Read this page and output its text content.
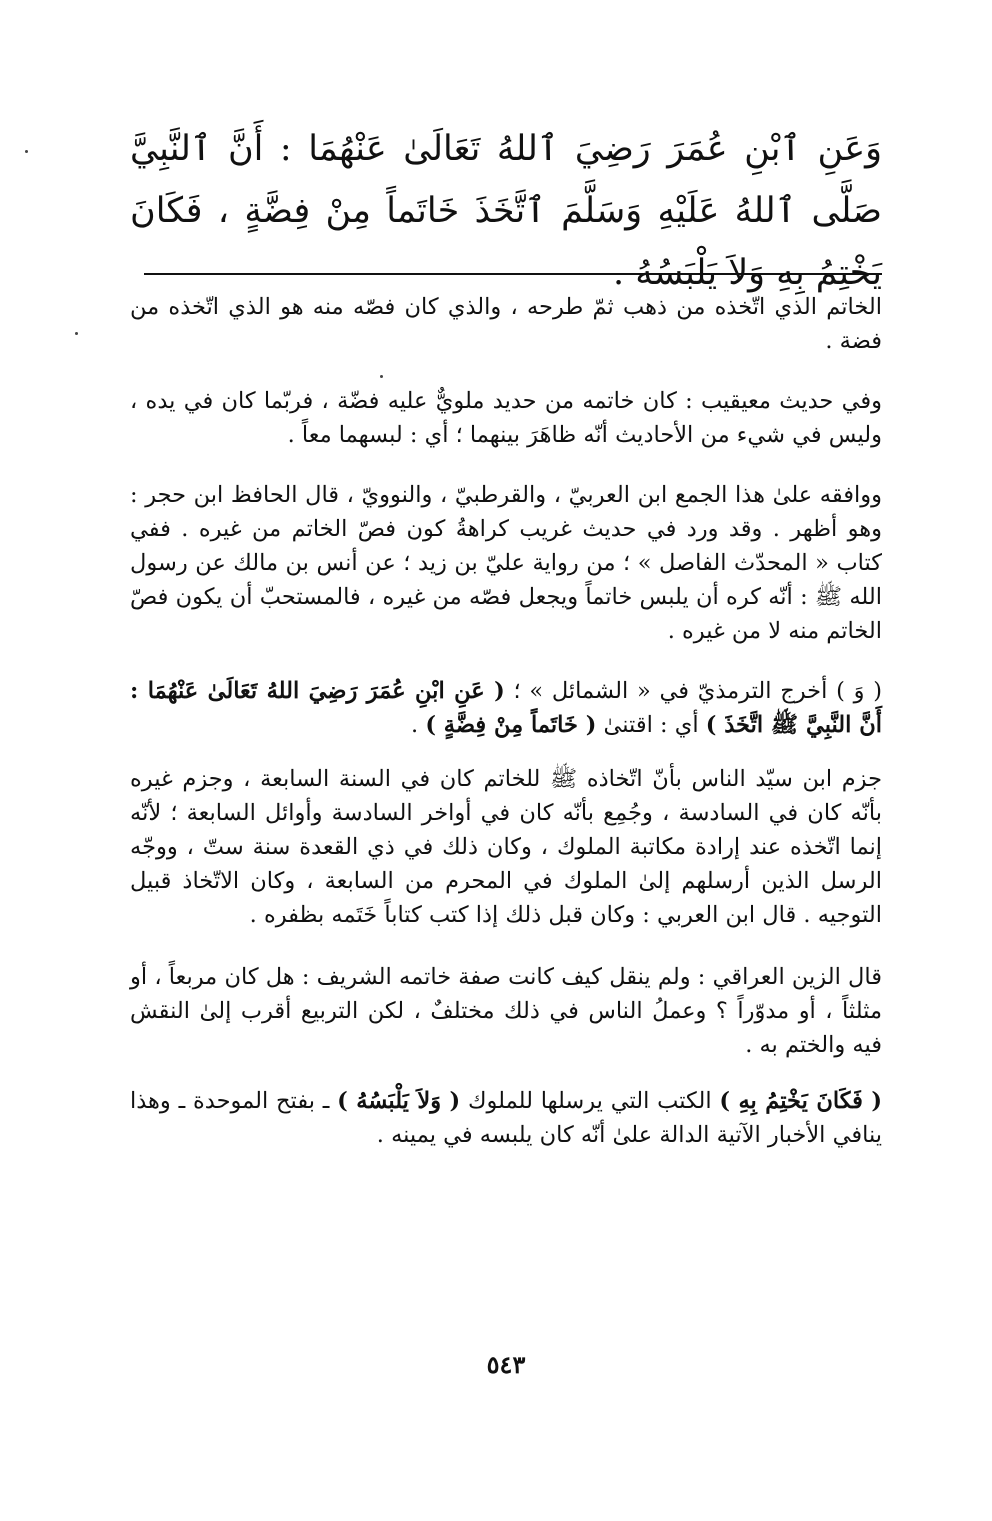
وَعَنِ ٱبْنِ عُمَرَ رَضِيَ ٱللهُ تَعَالَىٰ عَنْهُمَا : أَنَّ ٱلنَّبِيَّ صَلَّى ٱللهُ عَلَيْهِ وَسَلَّمَ ٱتَّخَذَ خَاتَماً مِنْ فِضَّةٍ ، فَكَانَ يَخْتِمُ بِهِ وَلاَ يَلْبَسُهُ .

الخاتم الذي اتّخذه من ذهب ثمّ طرحه ، والذي كان فصّه منه هو الذي اتّخذه من فضة .

وفي حديث معيقيب : كان خاتمه من حديد ملويٌّ عليه فضّة ، فربّما كان في يده ، وليس في شيء من الأحاديث أنّه ظاهَرَ بينهما ؛ أي : لبسهما معاً .

ووافقه علىٰ هذا الجمع ابن العربيّ ، والقرطبيّ ، والنوويّ ، قال الحافظ ابن حجر : وهو أظهر . وقد ورد في حديث غريب كراهةُ كون فصّ الخاتم من غيره . ففي كتاب « المحدّث الفاصل » ؛ من رواية عليّ بن زيد ؛ عن أنس بن مالك عن رسول الله ﷺ : أنّه كره أن يلبس خاتماً ويجعل فصّه من غيره ، فالمستحبّ أن يكون فصّ الخاتم منه لا من غيره .

( وَ ) أخرج الترمذيّ في « الشمائل » ؛ ( عَنِ ابْنِ عُمَرَ رَضِيَ اللهُ تَعَالَىٰ عَنْهُمَا : أَنَّ النَّبِيَّ ﷺ اتَّخَذَ ) أي : اقتنىٰ ( خَاتَماً مِنْ فِضَّةٍ ) .

جزم ابن سيّد الناس بأنّ اتّخاذه ﷺ للخاتم كان في السنة السابعة ، وجزم غيره بأنّه كان في السادسة ، وجُمِع بأنّه كان في أواخر السادسة وأوائل السابعة ؛ لأنّه إنما اتّخذه عند إرادة مكاتبة الملوك ، وكان ذلك في ذي القعدة سنة ستّ ، ووجّه الرسل الذين أرسلهم إلىٰ الملوك في المحرم من السابعة ، وكان الاتّخاذ قبيل التوجيه . قال ابن العربي : وكان قبل ذلك إذا كتب كتاباً خَتَمه بظفره .

قال الزين العراقي : ولم ينقل كيف كانت صفة خاتمه الشريف : هل كان مربعاً ، أو مثلثاً ، أو مدوّراً ؟ وعملُ الناس في ذلك مختلفٌ ، لكن التربيع أقرب إلىٰ النقش فيه والختم به .

( فَكَانَ يَخْتِمُ بِهِ ) الكتب التي يرسلها للملوك ( وَلاَ يَلْبَسُهُ ) ـ بفتح الموحدة ـ وهذا ينافي الأخبار الآتية الدالة علىٰ أنّه كان يلبسه في يمينه .

٥٤٣
